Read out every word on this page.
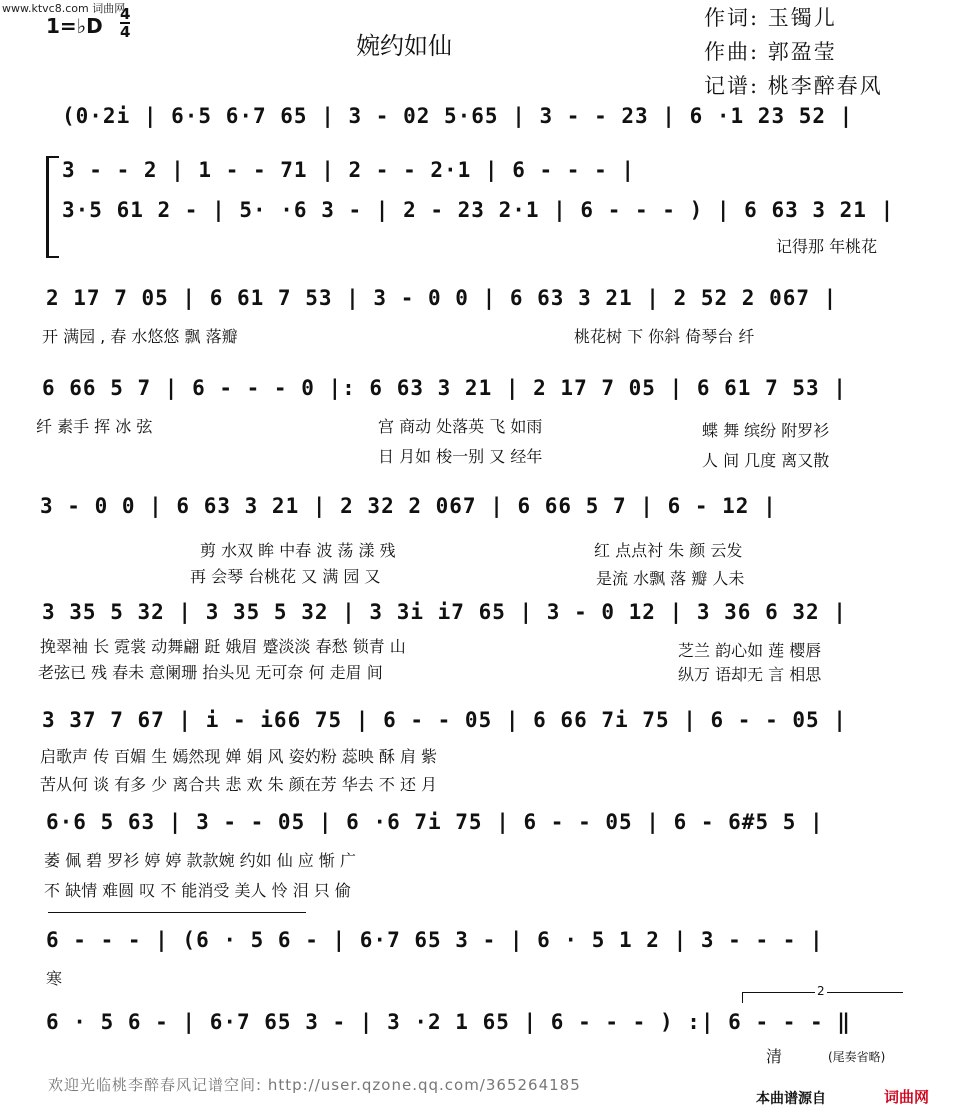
www.ktvc8.com 词曲网
1=♭D 4
4	婉约如仙
作词: 玉镯儿
作曲: 郭盈莹
记谱: 桃李醉春风
(0·2i | 6·5 6·7 65 | 3 - 02 5·65 | 3 - - 23 | 6 ·1 23 52 |
3 - - 2 | 1 - - 71 | 2 - - 2·1 | 6 - - - |
3·5 61 2 - | 5· ·6 3 - | 2 - 23 2·1 | 6 - - - ) | 6 63 3 21 |
记得那 年桃花
2 17 7 05 | 6 61 7 53 | 3 - 0 0 | 6 63 3 21 | 2 52 2 067 |
开 满园 , 春 水悠悠 飘 落瓣	桃花树 下 你斜 倚琴台 纤
6 66 5 7 | 6 - - - 0 |: 6 63 3 21 | 2 17 7 05 | 6 61 7 53 |
纤 素手 挥 冰 弦	宫 商动 处落英 飞 如雨	蝶 舞 缤纷 附罗衫
日 月如 梭一别 又 经年	人 间 几度 离又散
3 - 0 0 | 6 63 3 21 | 2 32 2 067 | 6 66 5 7 | 6 - 12 |
剪 水双 眸 中春 波 荡 漾 残	红 点点衬 朱 颜 云发
再 会琴 台桃花 又 满 园 又	是流 水飘 落 瓣 人未
3 35 5 32 | 3 35 5 32 | 3 3i i7 65 | 3 - 0 12 | 3 36 6 32 |
挽翠袖 长 霓裳 动舞翩 跹 娥眉 蹙淡淡 春愁 锁青 山	芝兰 韵心如 莲 樱唇
老弦已 残 春未 意阑珊 抬头见 无可奈 何 走眉 间	纵万 语却无 言 相思
3 37 7 67 | i - i66 75 | 6 - - 05 | 6 66 7i 75 | 6 - - 05 |
启歌声 传 百媚 生 嫣然现 婵 娟 风 姿妁粉 蕊映 酥 肩 紫
苦从何 谈 有多 少 离合共 悲 欢 朱 颜在芳 华去 不 还 月
6·6 5 63 | 3 - - 05 | 6 ·6 7i 75 | 6 - - 05 | 6 - 6#5 5 |
萎 佩 碧 罗衫 婷 婷 款款婉 约如 仙 应 惭 广
不 缺情 难圆 叹 不 能消受 美人 怜 泪 只 偷
6 - - - | (6 · 5 6 - | 6·7 65 3 - | 6 · 5 1 2 | 3 - - - |
寒
2
6 · 5 6 - | 6·7 65 3 - | 3 ·2 1 65 | 6 - - - ) :| 6 - - - ‖
清	(尾奏省略)
欢迎光临桃李醉春风记谱空间: http://user.qzone.qq.com/365264185
本曲谱源自	词曲网
